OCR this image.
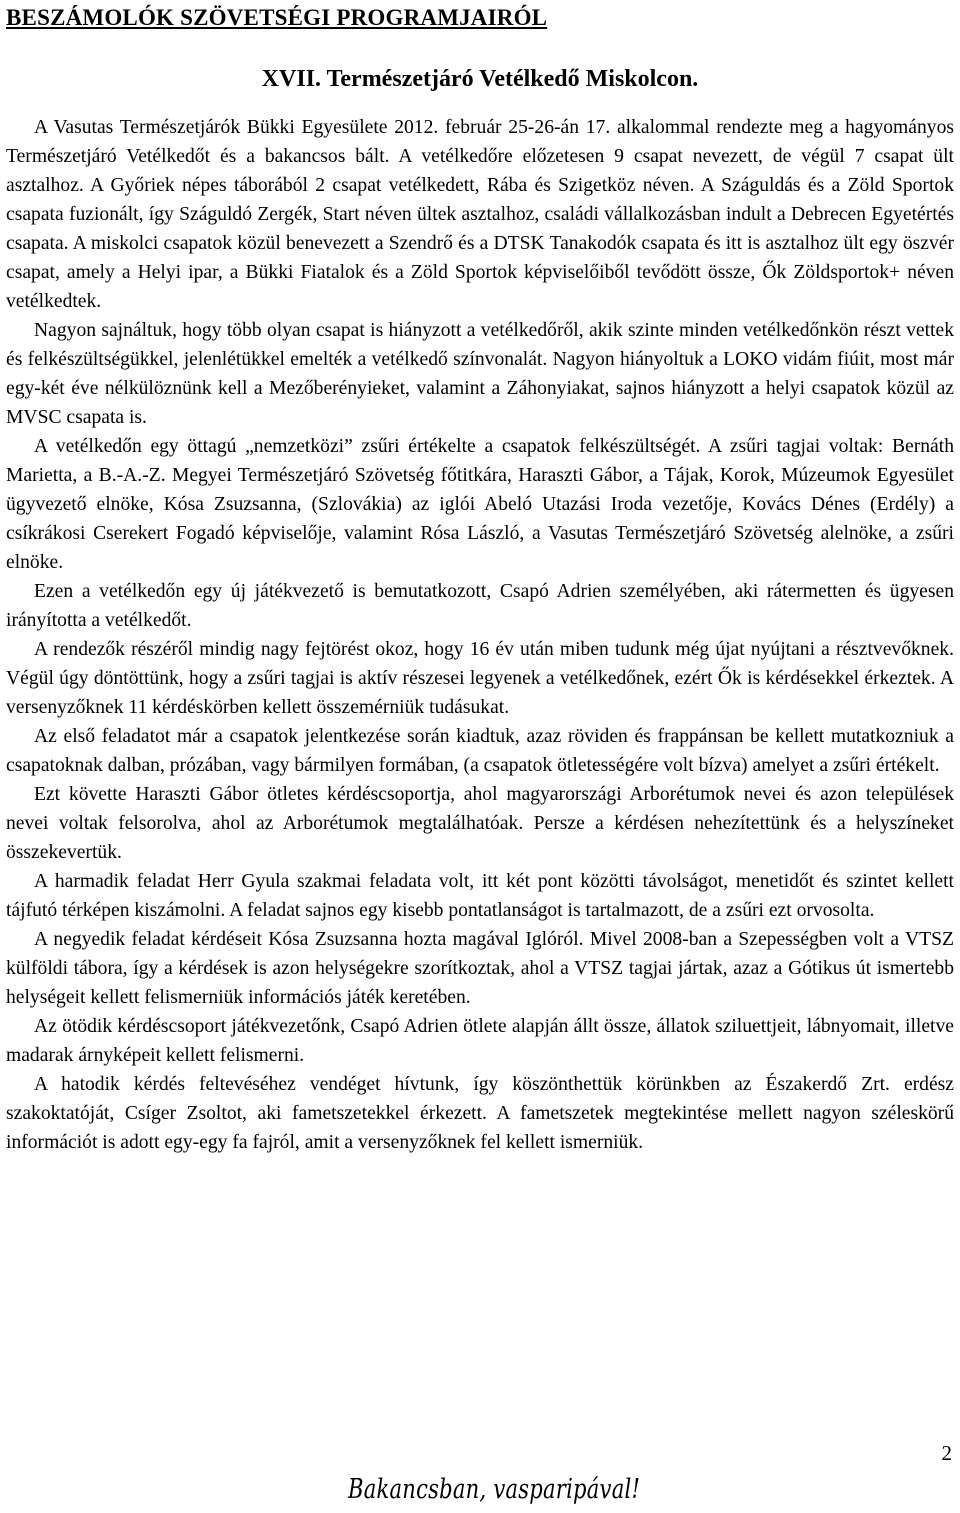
BESZÁMOLÓK SZÖVETSÉGI PROGRAMJAIRÓL
XVII. Természetjáró Vetélkedő Miskolcon.

A Vasutas Természetjárók Bükki Egyesülete 2012. február 25-26-án 17. alkalommal rendezte meg a hagyományos Természetjáró Vetélkedőt és a bakancsos bált. A vetélkedőre előzetesen 9 csapat nevezett, de végül 7 csapat ült asztalhoz. A Győriek népes táborából 2 csapat vetélkedett, Rába és Szigetköz néven. A Száguldás és a Zöld Sportok csapata fuzionált, így Száguldó Zergék, Start néven ültek asztalhoz, családi vállalkozásban indult a Debrecen Egyetértés csapata. A miskolci csapatok közül benevezett a Szendrő és a DTSK Tanakodók csapata és itt is asztalhoz ült egy öszvér csapat, amely a Helyi ipar, a Bükki Fiatalok és a Zöld Sportok képviselőiből tevődött össze, Ők Zöldsportok+ néven vetélkedtek.

Nagyon sajnáltuk, hogy több olyan csapat is hiányzott a vetélkedőről, akik szinte minden vetélkedőnkön részt vettek és felkészültségükkel, jelenlétükkel emelték a vetélkedő színvonalát. Nagyon hiányoltuk a LOKO vidám fiúit, most már egy-két éve nélkülöznünk kell a Mezőberényieket, valamint a Záhonyiakat, sajnos hiányzott a helyi csapatok közül az MVSC csapata is.

A vetélkedőn egy öttagú „nemzetközi” zsűri értékelte a csapatok felkészültségét. A zsűri tagjai voltak: Bernáth Marietta, a B.-A.-Z. Megyei Természetjáró Szövetség főtitkára, Haraszti Gábor, a Tájak, Korok, Múzeumok Egyesület ügyvezető elnöke, Kósa Zsuzsanna, (Szlovákia) az iglói Abeló Utazási Iroda vezetője, Kovács Dénes (Erdély) a csíkrákosi Cserekert Fogadó képviselője, valamint Rósa László, a Vasutas Természetjáró Szövetség alelnöke, a zsűri elnöke.

Ezen a vetélkedőn egy új játékvezető is bemutatkozott, Csapó Adrien személyében, aki rátermetten és ügyesen irányította a vetélkedőt.

A rendezők részéről mindig nagy fejtörést okoz, hogy 16 év után miben tudunk még újat nyújtani a résztvevőknek. Végül úgy döntöttünk, hogy a zsűri tagjai is aktív részesei legyenek a vetélkedőnek, ezért Ők is kérdésekkel érkeztek. A versenyzőknek 11 kérdéskörben kellett összemérniük tudásukat.

Az első feladatot már a csapatok jelentkezése során kiadtuk, azaz röviden és frappánsan be kellett mutatkozniuk a csapatoknak dalban, prózában, vagy bármilyen formában, (a csapatok ötletességére volt bízva) amelyet a zsűri értékelt.

Ezt követte Haraszti Gábor ötletes kérdéscsoportja, ahol magyarországi Arborétumok nevei és azon települések nevei voltak felsorolva, ahol az Arborétumok megtalálhatóak. Persze a kérdésen nehezítettünk és a helyszíneket összekevertük.

A harmadik feladat Herr Gyula szakmai feladata volt, itt két pont közötti távolságot, menetidőt és szintet kellett tájfutó térképen kiszámolni. A feladat sajnos egy kisebb pontatlanságot is tartalmazott, de a zsűri ezt orvosolta.

A negyedik feladat kérdéseit Kósa Zsuzsanna hozta magával Iglóról. Mivel 2008-ban a Szepességben volt a VTSZ külföldi tábora, így a kérdések is azon helységekre szorítkoztak, ahol a VTSZ tagjai jártak, azaz a Gótikus út ismertebb helységeit kellett felismerniük információs játék keretében.

Az ötödik kérdéscsoport játékvezetőnk, Csapó Adrien ötlete alapján állt össze, állatok sziluettjeit, lábnyomait, illetve madarak árnyképeit kellett felismerni.

A hatodik kérdés feltevéséhez vendéget hívtunk, így köszönthettük körünkben az Északerdő Zrt. erdész szakoktatóját, Csíger Zsoltot, aki fametszetekkel érkezett. A fametszetek megtekintése mellett nagyon széleskörű információt is adott egy-egy fa fajról, amit a versenyzőknek fel kellett ismerniük.

2
Bakancsban, vasparipával!
